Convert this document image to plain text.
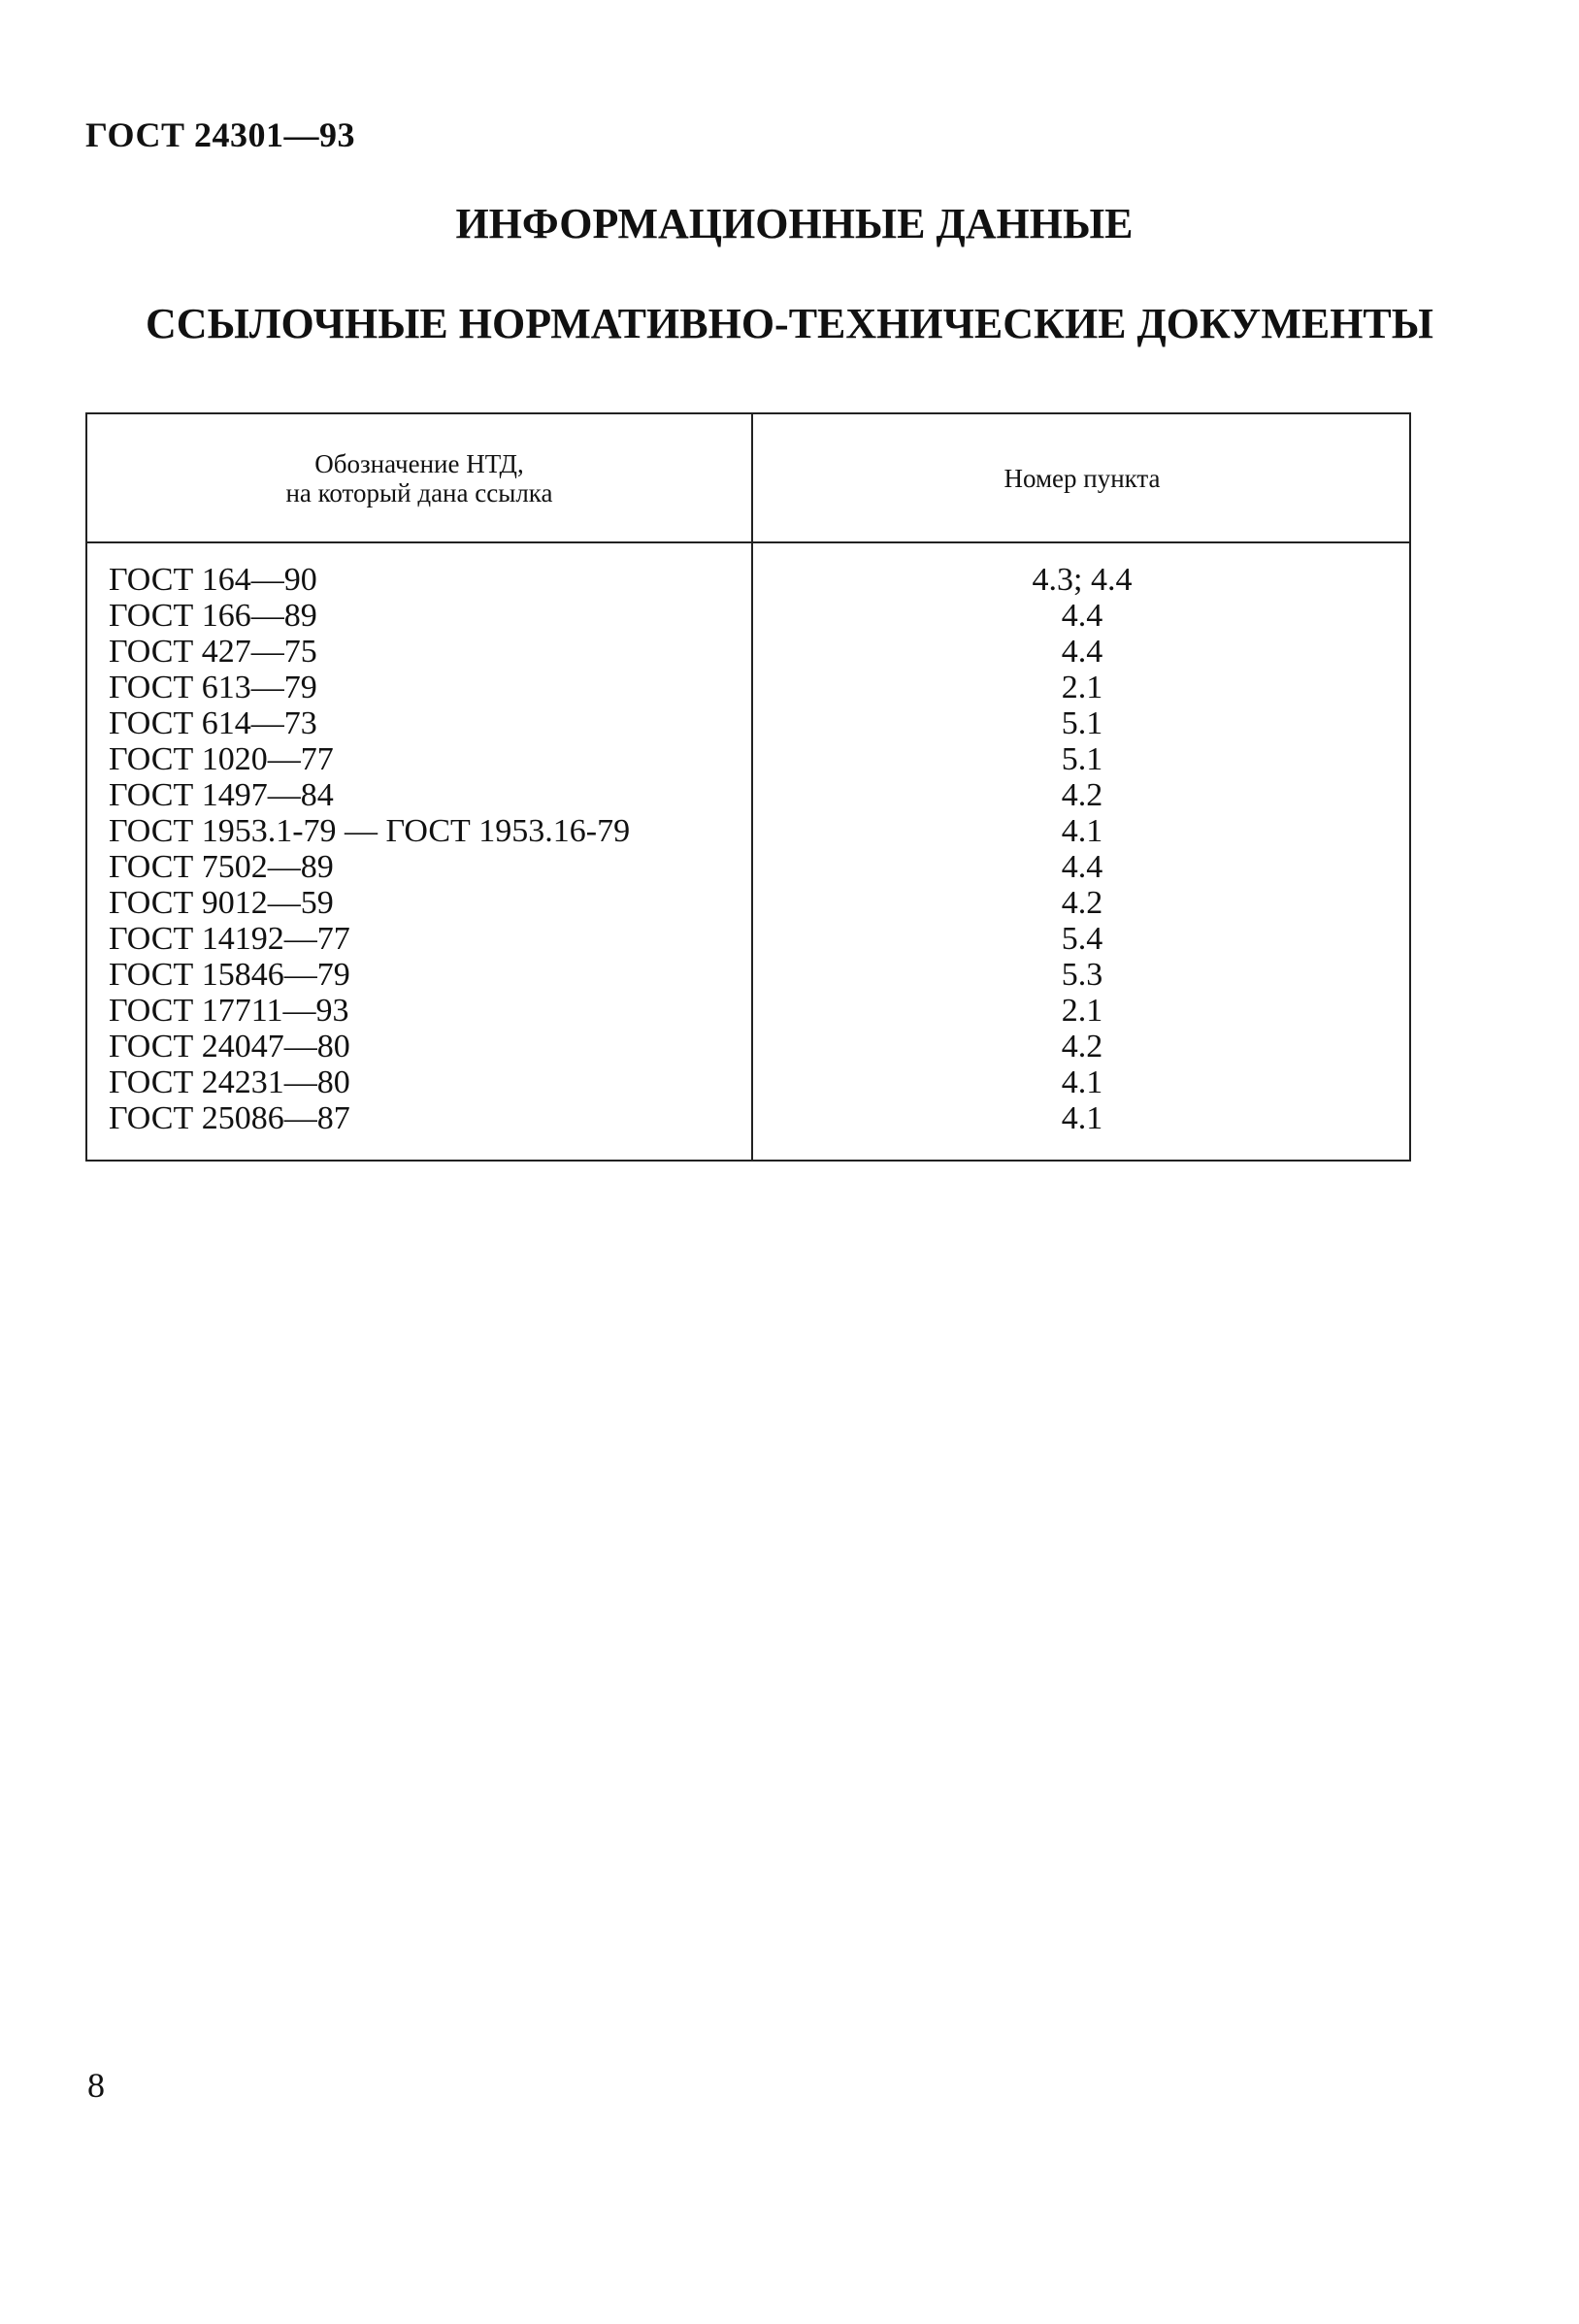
ГОСТ 24301—93
ИНФОРМАЦИОННЫЕ ДАННЫЕ
ССЫЛОЧНЫЕ НОРМАТИВНО-ТЕХНИЧЕСКИЕ ДОКУМЕНТЫ
Обозначение НТД,
на который дана ссылка	Номер пункта
ГОСТ 164—90	4.3; 4.4
ГОСТ 166—89	4.4
ГОСТ 427—75	4.4
ГОСТ 613—79	2.1
ГОСТ 614—73	5.1
ГОСТ 1020—77	5.1
ГОСТ 1497—84	4.2
ГОСТ 1953.1-79 — ГОСТ 1953.16-79	4.1
ГОСТ 7502—89	4.4
ГОСТ 9012—59	4.2
ГОСТ 14192—77	5.4
ГОСТ 15846—79	5.3
ГОСТ 17711—93	2.1
ГОСТ 24047—80	4.2
ГОСТ 24231—80	4.1
ГОСТ 25086—87	4.1
8
